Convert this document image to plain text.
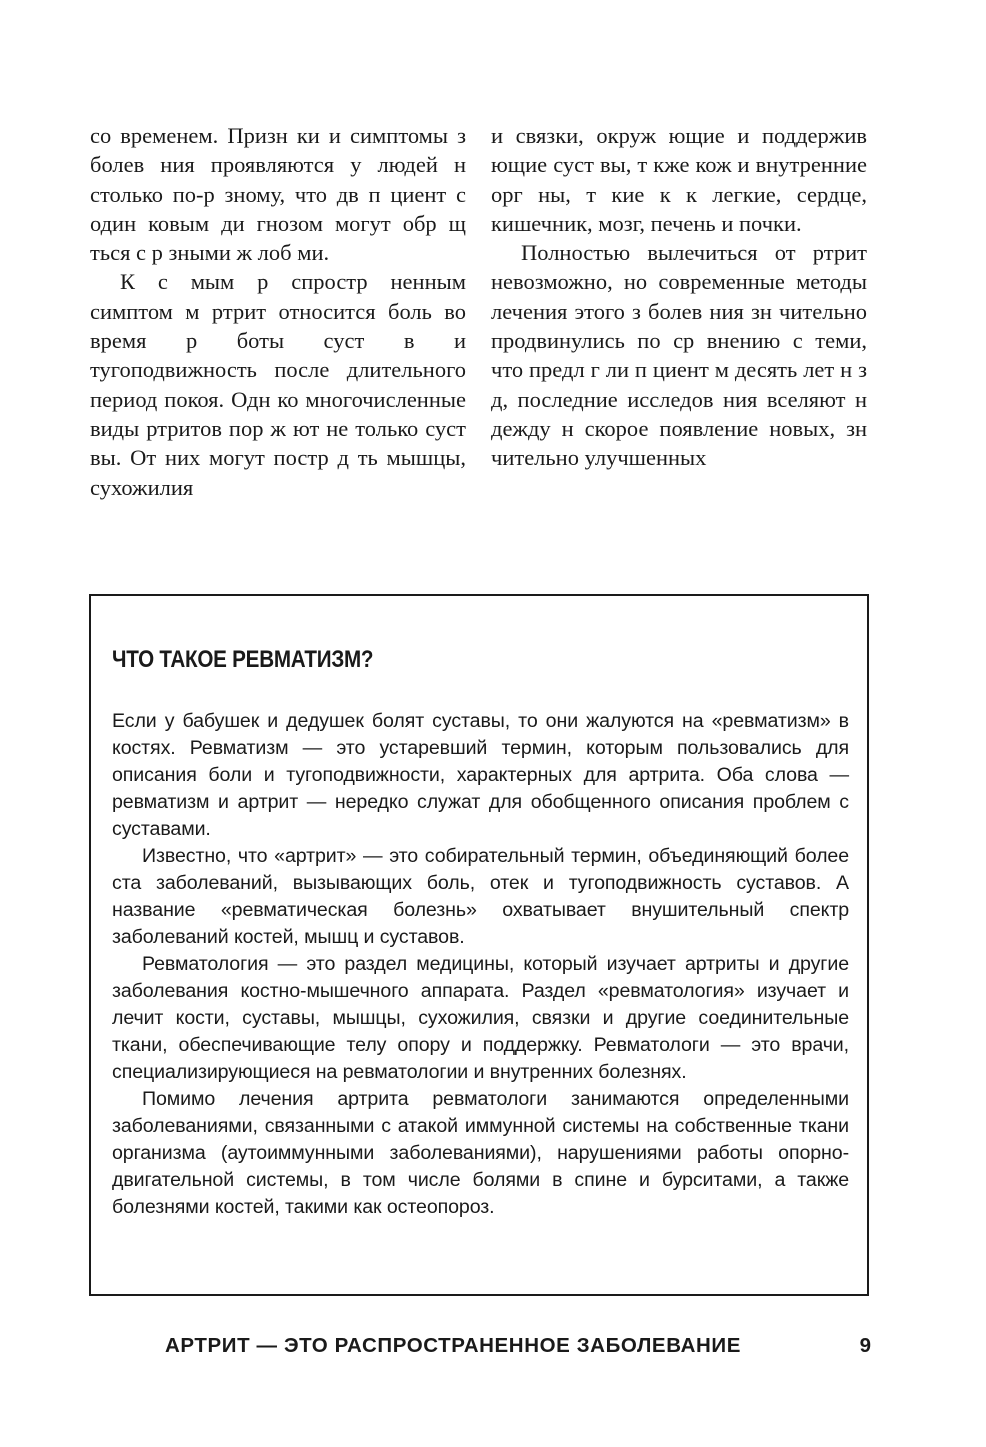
со временем. Призн ки и симптомы з болев ния проявляются у людей н столько по-р зному, что дв п циент с один ковым ди гнозом могут обр щ ться с р зными ж лоб ми.

К с мым р спростр ненным симптом м ртрит относится боль во время р боты суст в и тугоподвижность после длительного период покоя. Одн ко многочисленные виды ртритов пор ж ют не только суст вы. От них могут постр д ть мышцы, сухожилия

и связки, окруж ющие и поддержив ющие суст вы, т кже кож и внутренние орг ны, т кие к к легкие, сердце, кишечник, мозг, печень и почки.

Полностью вылечиться от ртрит невозможно, но современные методы лечения этого з болев ния зн чительно продвинулись по ср внению с теми, что предл г ли п циент м десять лет н з д, последние исследов ния вселяют н дежду н скорое появление новых, зн чительно улучшенных

ЧТО ТАКОЕ РЕВМАТИЗМ?

Если у бабушек и дедушек болят суставы, то они жалуются на «ревматизм» в костях. Ревматизм — это устаревший термин, которым пользовались для описания боли и тугоподвижности, характерных для артрита. Оба слова — ревматизм и артрит — нередко служат для обобщенного описания проблем с суставами.

Известно, что «артрит» — это собирательный термин, объединяющий более ста заболеваний, вызывающих боль, отек и тугоподвижность суставов. А название «ревматическая болезнь» охватывает внушительный спектр заболеваний костей, мышц и суставов.

Ревматология — это раздел медицины, который изучает артриты и другие заболевания костно-мышечного аппарата. Раздел «ревматология» изучает и лечит кости, суставы, мышцы, сухожилия, связки и другие соединительные ткани, обеспечивающие телу опору и поддержку. Ревматологи — это врачи, специализирующиеся на ревматологии и внутренних болезнях.

Помимо лечения артрита ревматологи занимаются определенными заболеваниями, связанными с атакой иммунной системы на собственные ткани организма (аутоиммунными заболеваниями), нарушениями работы опорно-двигательной системы, в том числе болями в спине и бурситами, а также болезнями костей, такими как остеопороз.

АРТРИТ — ЭТО РАСПРОСТРАНЕННОЕ ЗАБОЛЕВАНИЕ	9
